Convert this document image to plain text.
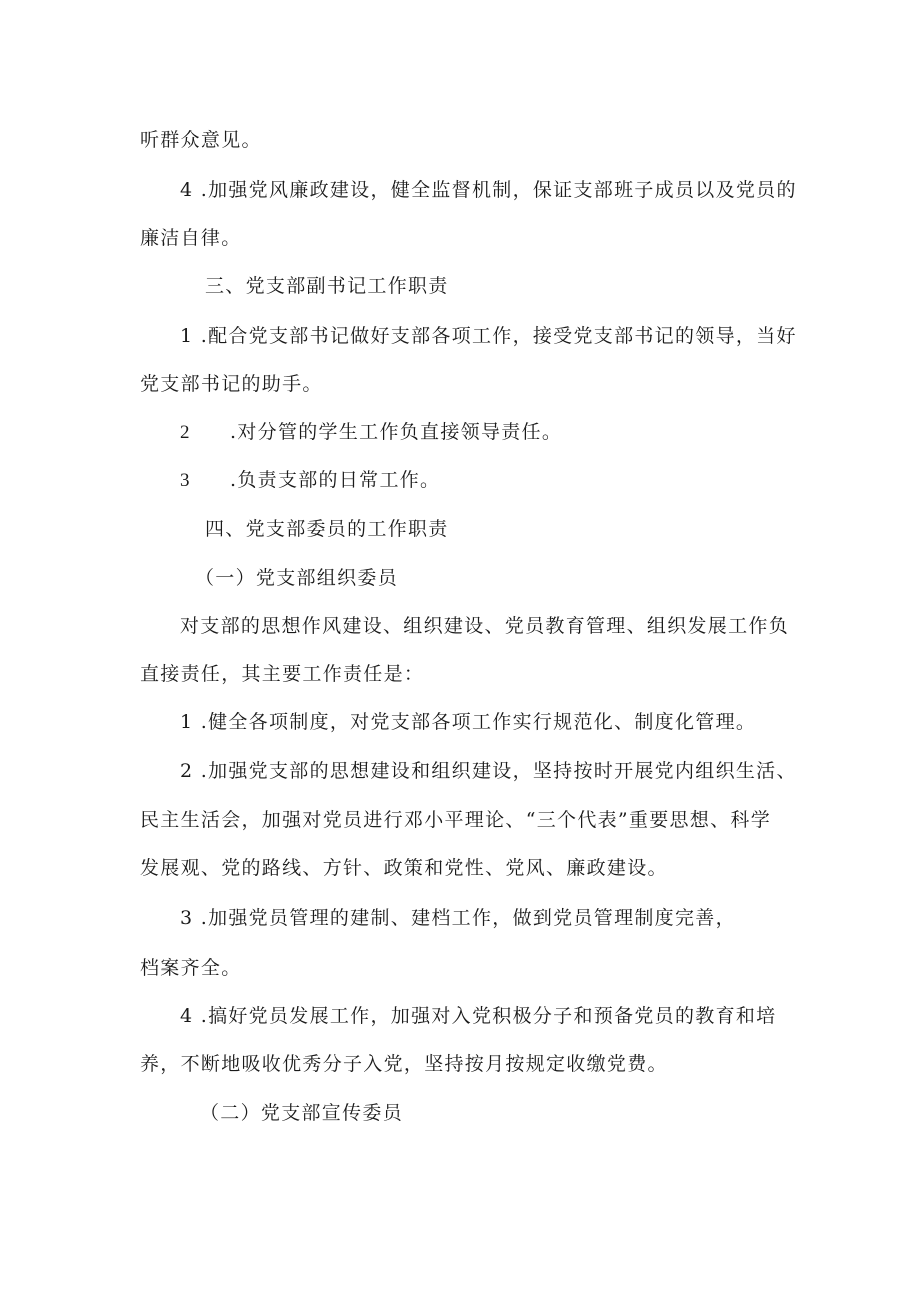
听群众意见。
4 .加强党风廉政建设，健全监督机制，保证支部班子成员以及党员的
廉洁自律。
三、党支部副书记工作职责
1 .配合党支部书记做好支部各项工作，接受党支部书记的领导，当好
党支部书记的助手。
2 .对分管的学生工作负直接领导责任。
3 .负责支部的日常工作。
四、党支部委员的工作职责
（一）党支部组织委员
对支部的思想作风建设、组织建设、党员教育管理、组织发展工作负
直接责任，其主要工作责任是：
1 .健全各项制度，对党支部各项工作实行规范化、制度化管理。
2 .加强党支部的思想建设和组织建设，坚持按时开展党内组织生活、
民主生活会，加强对党员进行邓小平理论、“三个代表”重要思想、科学
发展观、党的路线、方针、政策和党性、党风、廉政建设。
3 .加强党员管理的建制、建档工作，做到党员管理制度完善，
档案齐全。
4 .搞好党员发展工作，加强对入党积极分子和预备党员的教育和培
养，不断地吸收优秀分子入党，坚持按月按规定收缴党费。
（二）党支部宣传委员
